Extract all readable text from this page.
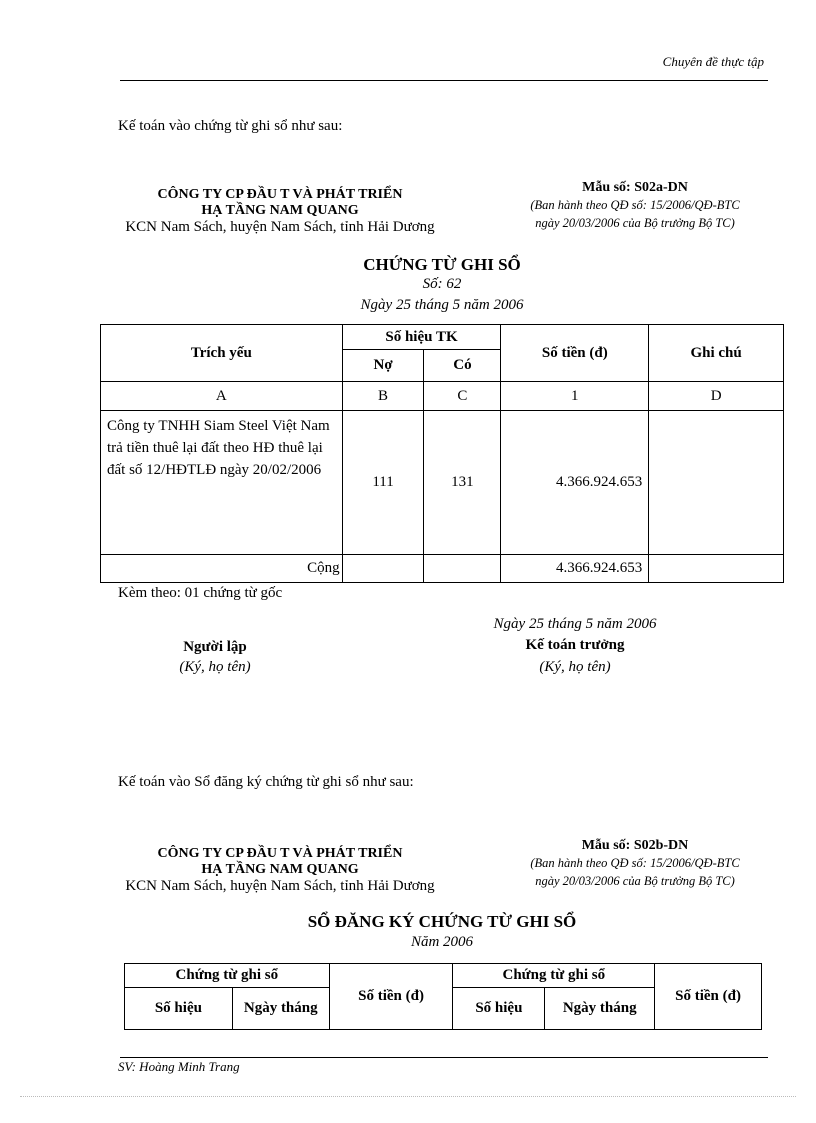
Chuyên đề thực tập
Kế toán vào chứng từ ghi sổ như sau:
CÔNG TY CP ĐẦU T VÀ PHÁT TRIỂN
HẠ TẦNG NAM QUANG
KCN Nam Sách, huyện Nam Sách, tỉnh Hải Dương
Mẫu số: S02a-DN
(Ban hành theo QĐ số: 15/2006/QĐ-BTC
ngày 20/03/2006 của Bộ trưởng Bộ TC)
CHỨNG TỪ GHI SỔ
Số: 62
Ngày 25 tháng 5 năm 2006
Trích yếu	Số hiệu TK		Số tiền (đ)	Ghi chú
	Nợ	Có		
A	B	C	1	D
Công ty TNHH Siam Steel Việt Nam trả tiền thuê lại đất theo HĐ thuê lại đất số 12/HĐTLĐ ngày 20/02/2006	111	131	4.366.924.653	
Cộng			4.366.924.653	
Kèm theo: 01 chứng từ gốc
Ngày 25 tháng 5 năm 2006
Người lập
(Ký, họ tên)
Kế toán trưởng
(Ký, họ tên)
Kế toán vào Sổ đăng ký chứng từ ghi sổ như sau:
CÔNG TY CP ĐẦU T VÀ PHÁT TRIỂN
HẠ TẦNG NAM QUANG
KCN Nam Sách, huyện Nam Sách, tỉnh Hải Dương
Mẫu số: S02b-DN
(Ban hành theo QĐ số: 15/2006/QĐ-BTC
ngày 20/03/2006 của Bộ trưởng Bộ TC)
SỔ ĐĂNG KÝ CHỨNG TỪ GHI SỔ
Năm 2006
Chứng từ ghi sổ		Số tiền (đ)	Chứng từ ghi sổ		Số tiền (đ)
Số hiệu	Ngày tháng		Số hiệu	Ngày tháng	
SV: Hoàng Minh Trang
